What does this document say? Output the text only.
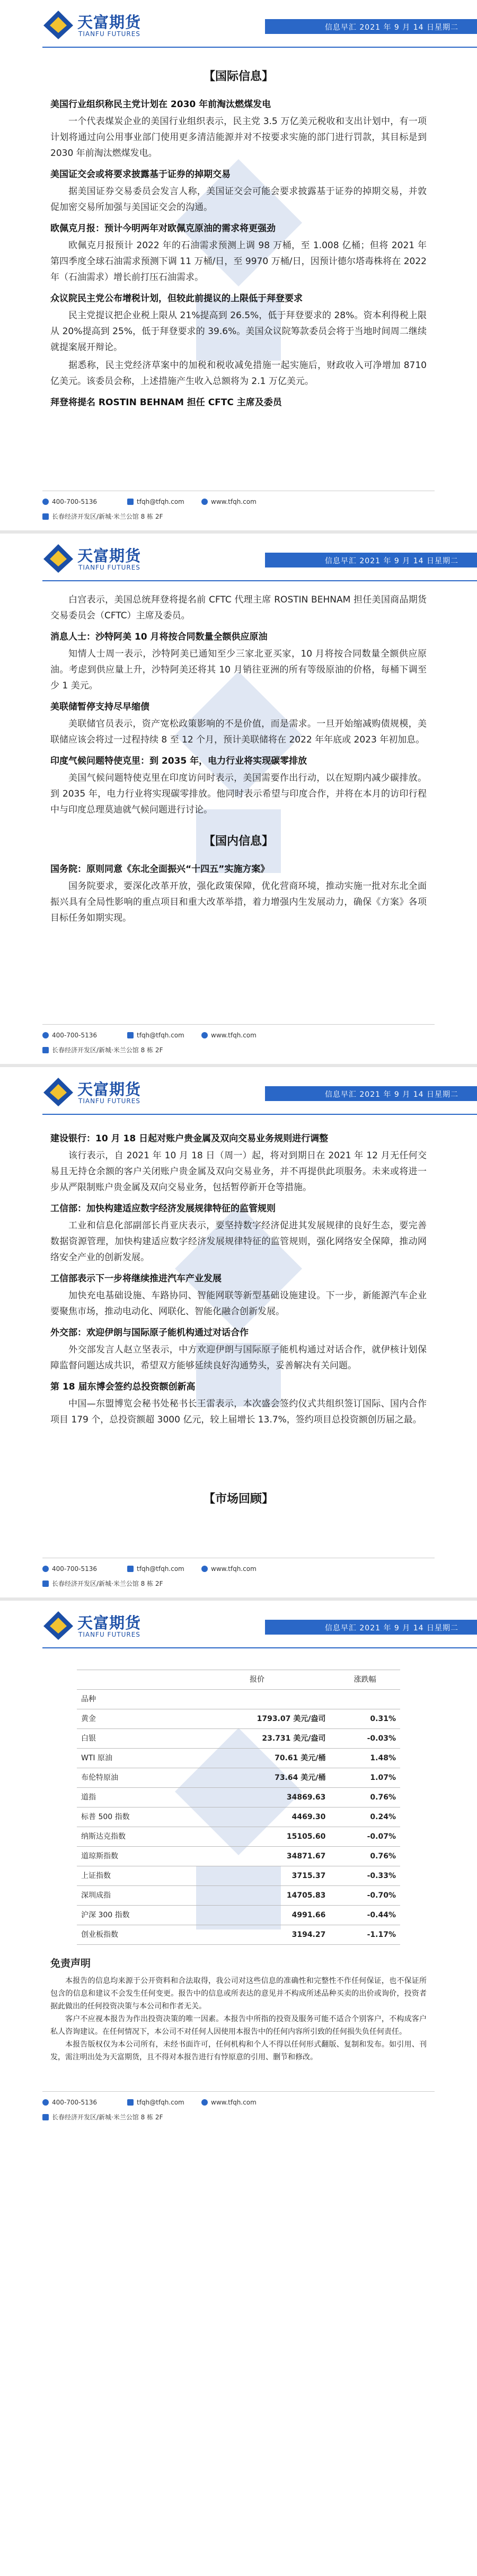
天富期货
TIANFU FUTURES
信息早汇 2021 年 9 月 14 日星期二
【国际信息】
美国行业组织称民主党计划在 2030 年前淘汰燃煤发电

一个代表煤炭企业的美国行业组织表示，民主党 3.5 万亿美元税收和支出计划中，有一项计划将通过向公用事业部门使用更多清洁能源并对不按要求实施的部门进行罚款，其目标是到 2030 年前淘汰燃煤发电。

美国证交会或将要求披露基于证券的掉期交易

据美国证券交易委员会发言人称，美国证交会可能会要求披露基于证券的掉期交易，并敦促加密交易所加强与美国证交会的沟通。

欧佩克月报：预计今明两年对欧佩克原油的需求将更强劲

欧佩克月报预计 2022 年的石油需求预测上调 98 万桶，至 1.008 亿桶；但将 2021 年第四季度全球石油需求预测下调 11 万桶/日，至 9970 万桶/日，因预计德尔塔毒株将在 2022 年（石油需求）增长前打压石油需求。

众议院民主党公布增税计划，但较此前提议的上限低于拜登要求

民主党提议把企业税上限从 21%提高到 26.5%，低于拜登要求的 28%。资本利得税上限从 20%提高到 25%，低于拜登要求的 39.6%。美国众议院筹款委员会将于当地时间周二继续就提案展开辩论。

据悉称，民主党经济草案中的加税和税收减免措施一起实施后，财政收入可净增加 8710 亿美元。该委员会称，上述措施产生收入总额将为 2.1 万亿美元。

拜登将提名 ROSTIN BEHNAM 担任 CFTC 主席及委员
400-700-5136	tfqh@tfqh.com	www.tfqh.com
长春经济开发区/新城·米兰公馆 8 栋 2F
天富期货
TIANFU FUTURES
信息早汇 2021 年 9 月 14 日星期二

白宫表示，美国总统拜登将提名前 CFTC 代理主席 ROSTIN BEHNAM 担任美国商品期货交易委员会（CFTC）主席及委员。

消息人士：沙特阿美 10 月将按合同数量全额供应原油

知情人士周一表示，沙特阿美已通知至少三家北亚买家，10 月将按合同数量全额供应原油。考虑到供应量上升，沙特阿美还将其 10 月销往亚洲的所有等级原油的价格，每桶下调至少 1 美元。

美联储暂停支持尽早缩债

美联储官员表示，资产宽松政策影响的不是价值，而是需求。一旦开始缩减购债规模，美联储应该会将过一过程持续 8 至 12 个月，预计美联储将在 2022 年年底或 2023 年初加息。

印度气候问题特使克里：到 2035 年，电力行业将实现碳零排放

美国气候问题特使克里在印度访问时表示，美国需要作出行动，以在短期内减少碳排放。到 2035 年，电力行业将实现碳零排放。他同时表示希望与印度合作，并将在本月的访印行程中与印度总理莫迪就气候问题进行讨论。

【国内信息】
国务院：原则同意《东北全面振兴“十四五”实施方案》

国务院要求，要深化改革开放，强化政策保障，优化营商环境，推动实施一批对东北全面振兴具有全局性影响的重点项目和重大改革举措，着力增强内生发展动力，确保《方案》各项目标任务如期实现。

400-700-5136	tfqh@tfqh.com	www.tfqh.com
长春经济开发区/新城·米兰公馆 8 栋 2F
天富期货
TIANFU FUTURES
信息早汇 2021 年 9 月 14 日星期二
建设银行：10 月 18 日起对账户贵金属及双向交易业务规则进行调整

该行表示，自 2021 年 10 月 18 日（周一）起，将对到期日在 2021 年 12 月无任何交易且无持仓余额的客户关闭账户贵金属及双向交易业务，并不再提供此项服务。未来或将进一步从严限制账户贵金属及双向交易业务，包括暂停新开仓等措施。

工信部：加快构建适应数字经济发展规律特征的监管规则

工业和信息化部副部长肖亚庆表示，要坚持数字经济促进其发展规律的良好生态，要完善数据资源管理，加快构建适应数字经济发展规律特征的监管规则，强化网络安全保障，推动网络安全产业的创新发展。

工信部表示下一步将继续推进汽车产业发展

加快充电基础设施、车路协同、智能网联等新型基础设施建设。下一步，新能源汽车企业要聚焦市场，推动电动化、网联化、智能化融合创新发展。

外交部：欢迎伊朗与国际原子能机构通过对话合作

外交部发言人赵立坚表示，中方欢迎伊朗与国际原子能机构通过对话合作，就伊核计划保障监督问题达成共识，希望双方能够延续良好沟通势头，妥善解决有关问题。

第 18 届东博会签约总投资额创新高

中国—东盟博览会秘书处秘书长王雷表示，本次盛会签约仪式共组织签订国际、国内合作项目 179 个，总投资额超 3000 亿元，较上届增长 13.7%，签约项目总投资额创历届之最。

【市场回顾】
400-700-5136	tfqh@tfqh.com	www.tfqh.com
长春经济开发区/新城·米兰公馆 8 栋 2F
天富期货
TIANFU FUTURES
信息早汇 2021 年 9 月 14 日星期二
	报价	涨跌幅
品种		
黄金	1793.07 美元/盎司	0.31%
白银	23.731 美元/盎司	-0.03%
WTI 原油	70.61 美元/桶	1.48%
布伦特原油	73.64 美元/桶	1.07%
道指	34869.63	0.76%
标普 500 指数	4469.30	0.24%
纳斯达克指数	15105.60	-0.07%
道琼斯指数	34871.67	0.76%
上证指数	3715.37	-0.33%
深圳成指	14705.83	-0.70%
沪深 300 指数	4991.66	-0.44%
创业板指数	3194.27	-1.17%
免责声明

本报告的信息均来源于公开资料和合法取得，我公司对这些信息的准确性和完整性不作任何保证，也不保证所包含的信息和建议不会发生任何变更。报告中的信息或所表达的意见并不构成所述品种买卖的出价或询价，投资者据此做出的任何投资决策与本公司和作者无关。

客户不应视本报告为作出投资决策的唯一因素。本报告中所指的投资及服务可能不适合个别客户，不构成客户私人咨询建议。在任何情况下，本公司不对任何人因使用本报告中的任何内容所引致的任何损失负任何责任。

本报告版权仅为本公司所有，未经书面许可，任何机构和个人不得以任何形式翻版、复制和发布。如引用、刊发，需注明出处为天富期货，且不得对本报告进行有悖原意的引用、删节和修改。

400-700-5136	tfqh@tfqh.com	www.tfqh.com
长春经济开发区/新城·米兰公馆 8 栋 2F
